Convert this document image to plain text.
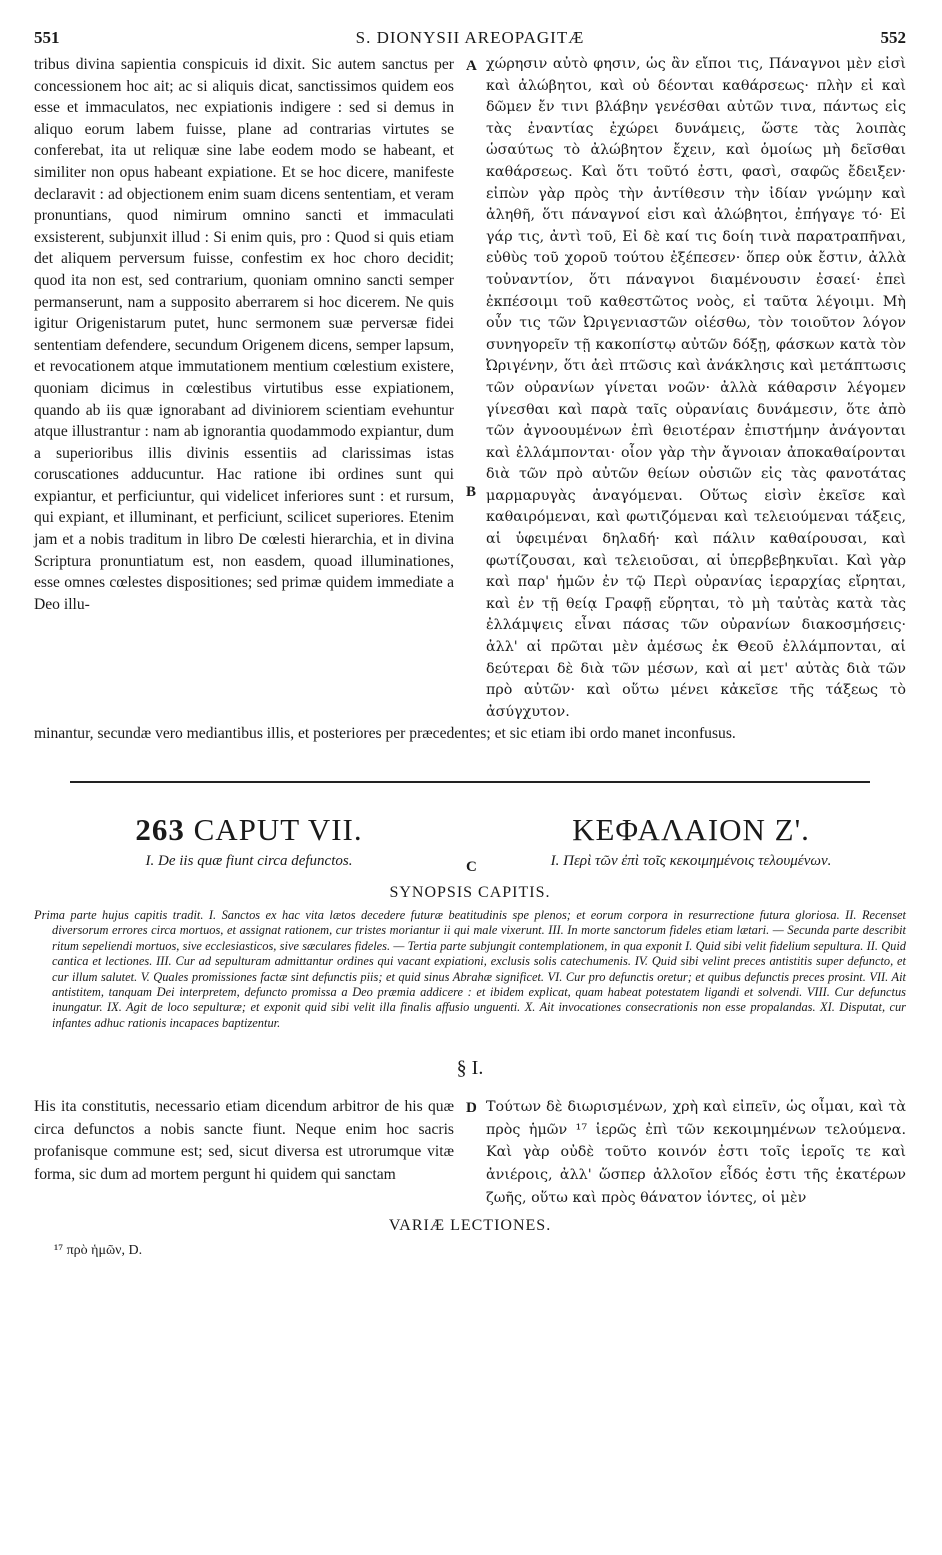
551	S. DIONYSII AREOPAGITÆ	552

tribus divina sapientia conspicuis id dixit. Sic autem sanctus per concessionem hoc ait; ac si aliquis dicat, sanctissimos quidem eos esse et immaculatos, nec expiationis indigere : sed si demus in aliquo eorum labem fuisse, plane ad contrarias virtutes se conferebat, ita ut reliquæ sine labe eodem modo se habeant, et similiter non opus habeant expiatione. Et se hoc dicere, manifeste declaravit : ad objectionem enim suam dicens sententiam, et veram pronuntians, quod nimirum omnino sancti et immaculati exsisterent, subjunxit illud : Si enim quis, pro : Quod si quis etiam det aliquem perversum fuisse, confestim ex hoc choro decidit; quod ita non est, sed contrarium, quoniam omnino sancti semper permanserunt, nam a supposito aberrarem si hoc dicerem. Ne quis igitur Origenistarum putet, hunc sermonem suæ perversæ fidei sententiam defendere, secundum Origenem dicens, semper lapsum, et revocationem atque immutationem mentium cœlestium existere, quoniam dicimus in cœlestibus virtutibus esse expiationem, quando ab iis quæ ignorabant ad diviniorem scientiam evehuntur atque illustrantur : nam ab ignorantia quodammodo expiantur, dum a superioribus illis divinis essentiis ad clarissimas istas coruscationes adducuntur. Hac ratione ibi ordines sunt qui expiantur, et perficiuntur, qui videlicet inferiores sunt : et rursum, qui expiant, et illuminant, et perficiunt, scilicet superiores. Etenim jam et a nobis traditum in libro De cœlesti hierarchia, et in divina Scriptura pronuntiatum est, non easdem, quoad illuminationes, esse omnes cœlestes dispositiones; sed primæ quidem immediate a Deo illu-

A
B
C

χώρησιν αὐτὸ φησιν, ὡς ἂν εἴποι τις, Πάναγνοι μὲν εἰσὶ καὶ ἀλώβητοι, καὶ οὐ δέονται καθάρσεως· πλὴν εἰ καὶ δῶμεν ἔν τινι βλάβην γενέσθαι αὐτῶν τινα, πάντως εἰς τὰς ἐναντίας ἐχώρει δυνάμεις, ὥστε τὰς λοιπὰς ὡσαύτως τὸ ἀλώβητον ἔχειν, καὶ ὁμοίως μὴ δεῖσθαι καθάρσεως. Καὶ ὅτι τοῦτό ἐστι, φασὶ, σαφῶς ἔδειξεν· εἰπὼν γὰρ πρὸς τὴν ἀντίθεσιν τὴν ἰδίαν γνώμην καὶ ἀληθῆ, ὅτι πάναγνοί εἰσι καὶ ἀλώβητοι, ἐπήγαγε τό· Εἰ γάρ τις, ἀντὶ τοῦ, Εἰ δὲ καί τις δοίη τινὰ παρατραπῆναι, εὐθὺς τοῦ χοροῦ τούτου ἐξέπεσεν· ὅπερ οὐκ ἔστιν, ἀλλὰ τοὐναντίον, ὅτι πάναγνοι διαμένουσιν ἐσαεί· ἐπεὶ ἐκπέσοιμι τοῦ καθεστῶτος νοὸς, εἰ ταῦτα λέγοιμι. Μὴ οὖν τις τῶν Ὠριγενιαστῶν οἰέσθω, τὸν τοιοῦτον λόγον συνηγορεῖν τῇ κακοπίστῳ αὐτῶν δόξῃ, φάσκων κατὰ τὸν Ὠριγένην, ὅτι ἀεὶ πτῶσις καὶ ἀνάκλησις καὶ μετάπτωσις τῶν οὐρανίων γίνεται νοῶν· ἀλλὰ κάθαρσιν λέγομεν γίνεσθαι καὶ παρὰ ταῖς οὐρανίαις δυνάμεσιν, ὅτε ἀπὸ τῶν ἀγνοουμένων ἐπὶ θειοτέραν ἐπιστήμην ἀνάγονται καὶ ἐλλάμπονται· οἷον γὰρ τὴν ἄγνοιαν ἀποκαθαίρονται διὰ τῶν πρὸ αὐτῶν θείων οὐσιῶν εἰς τὰς φανοτάτας μαρμαρυγὰς ἀναγόμεναι. Οὕτως εἰσὶν ἐκεῖσε καὶ καθαιρόμεναι, καὶ φωτιζόμεναι καὶ τελειούμεναι τάξεις, αἱ ὑφειμέναι δηλαδή· καὶ πάλιν καθαίρουσαι, καὶ φωτίζουσαι, καὶ τελειοῦσαι, αἱ ὑπερβεβηκυῖαι. Καὶ γὰρ καὶ παρ' ἡμῶν ἐν τῷ Περὶ οὐρανίας ἱεραρχίας εἴρηται, καὶ ἐν τῇ θείᾳ Γραφῇ εὕρηται, τὸ μὴ ταὐτὰς κατὰ τὰς ἐλλάμψεις εἶναι πάσας τῶν οὐρανίων διακοσμήσεις· ἀλλ' αἱ πρῶται μὲν ἀμέσως ἐκ Θεοῦ ἐλλάμπονται, αἱ δεύτεραι δὲ διὰ τῶν μέσων, καὶ αἱ μετ' αὐτὰς διὰ τῶν πρὸ αὐτῶν· καὶ οὕτω μένει κἀκεῖσε τῆς τάξεως τὸ ἀσύγχυτον.

minantur, secundæ vero mediantibus illis, et posteriores per præcedentes; et sic etiam ibi ordo manet inconfusus.
263 CAPUT VII.
I. De iis quæ fiunt circa defunctos.
ΚΕΦΑΛΑΙΟΝ Ζ'.
I. Περὶ τῶν ἐπὶ τοῖς κεκοιμημένοις τελουμένων.
SYNOPSIS CAPITIS.
Prima parte hujus capitis tradit. I. Sanctos ex hac vita lætos decedere futuræ beatitudinis spe plenos; et eorum corpora in resurrectione futura gloriosa. II. Recenset diversorum errores circa mortuos, et assignat rationem, cur tristes moriantur ii qui male vixerunt. III. In morte sanctorum fideles etiam lætari. — Secunda parte describit ritum sepeliendi mortuos, sive ecclesiasticos, sive sæculares fideles. — Tertia parte subjungit contemplationem, in qua exponit I. Quid sibi velit fidelium sepultura. II. Quid cantica et lectiones. III. Cur ad sepulturam admittantur ordines qui vacant expiationi, exclusis solis catechumenis. IV. Quid sibi velint preces antistitis super defuncto, et cur illum salutet. V. Quales promissiones factæ sint defunctis piis; et quid sinus Abrahæ significet. VI. Cur pro defunctis oretur; et quibus defunctis preces prosint. VII. Ait antistitem, tanquam Dei interpretem, defuncto promissa a Deo præmia addicere : et ibidem explicat, quam habeat potestatem ligandi et solvendi. VIII. Cur defunctus inungatur. IX. Agit de loco sepulturæ; et exponit quid sibi velit illa finalis affusio unguenti. X. Ait invocationes consecrationis non esse propalandas. XI. Disputat, cur infantes adhuc rationis incapaces baptizentur.
§ I.

His ita constitutis, necessario etiam dicendum arbitror de his quæ circa defunctos a nobis sancte fiunt. Neque enim hoc sacris profanisque commune est; sed, sicut diversa est utrorumque vitæ forma, sic dum ad mortem pergunt hi quidem qui sanctam

D Τούτων δὲ διωρισμένων, χρὴ καὶ εἰπεῖν, ὡς οἶμαι, καὶ τὰ πρὸς ἡμῶν ¹⁷ ἱερῶς ἐπὶ τῶν κεκοιμημένων τελούμενα. Καὶ γὰρ οὐδὲ τοῦτο κοινόν ἐστι τοῖς ἱεροῖς τε καὶ ἀνιέροις, ἀλλ' ὥσπερ ἀλλοῖον εἶδός ἐστι τῆς ἑκατέρων ζωῆς, οὕτω καὶ πρὸς θάνατον ἰόντες, οἱ μὲν

VARIÆ LECTIONES.
¹⁷ πρὸ ἡμῶν, D.
